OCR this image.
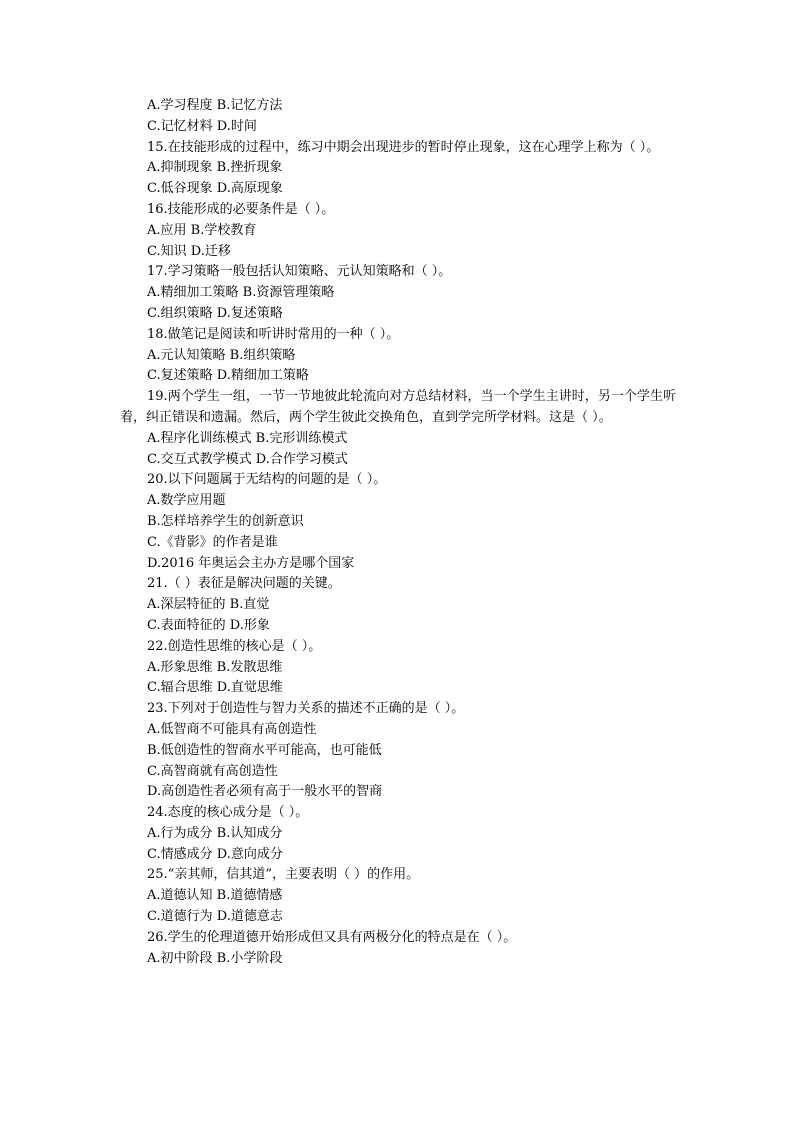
A.学习程度 B.记忆方法
C.记忆材料 D.时间
15.在技能形成的过程中，练习中期会出现进步的暂时停止现象，这在心理学上称为（ ）。
A.抑制现象 B.挫折现象
C.低谷现象 D.高原现象
16.技能形成的必要条件是（ ）。
A.应用 B.学校教育
C.知识 D.迁移
17.学习策略一般包括认知策略、元认知策略和（ ）。
A.精细加工策略 B.资源管理策略
C.组织策略 D.复述策略
18.做笔记是阅读和听讲时常用的一种（ ）。
A.元认知策略 B.组织策略
C.复述策略 D.精细加工策略
19.两个学生一组，一节一节地彼此轮流向对方总结材料，当一个学生主讲时，另一个学生听着，纠正错误和遗漏。然后，两个学生彼此交换角色，直到学完所学材料。这是（ ）。
A.程序化训练模式 B.完形训练模式
C.交互式教学模式 D.合作学习模式
20.以下问题属于无结构的问题的是（ ）。
A.数学应用题
B.怎样培养学生的创新意识
C.《背影》的作者是谁
D.2016 年奥运会主办方是哪个国家
21.（ ）表征是解决问题的关键。
A.深层特征的 B.直觉
C.表面特征的 D.形象
22.创造性思维的核心是（ ）。
A.形象思维 B.发散思维
C.辐合思维 D.直觉思维
23.下列对于创造性与智力关系的描述不正确的是（ ）。
A.低智商不可能具有高创造性
B.低创造性的智商水平可能高，也可能低
C.高智商就有高创造性
D.高创造性者必须有高于一般水平的智商
24.态度的核心成分是（ ）。
A.行为成分 B.认知成分
C.情感成分 D.意向成分
25.“亲其师，信其道”，主要表明（ ）的作用。
A.道德认知 B.道德情感
C.道德行为 D.道德意志
26.学生的伦理道德开始形成但又具有两极分化的特点是在（ ）。
A.初中阶段 B.小学阶段
